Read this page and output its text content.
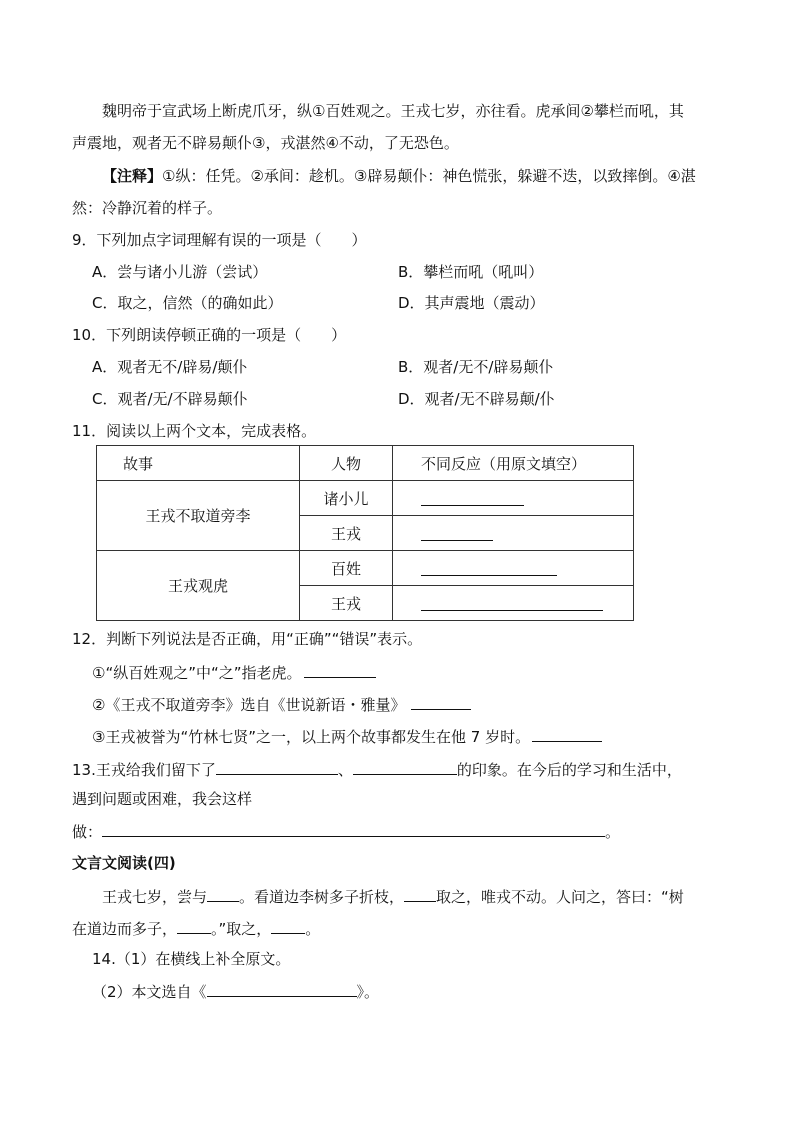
魏明帝于宣武场上断虎爪牙，纵①百姓观之。王戎七岁，亦往看。虎承间②攀栏而吼，其
声震地，观者无不辟易颠仆③，戎湛然④不动，了无恐色。
【注释】①纵：任凭。②承间：趁机。③辟易颠仆：神色慌张，躲避不迭，以致摔倒。④湛
然：冷静沉着的样子。
9．下列加点字词理解有误的一项是（　　）
A．尝与诸小儿游（尝试）	B．攀栏而吼（吼叫）
C．取之，信然（的确如此）	D．其声震地（震动）
10．下列朗读停顿正确的一项是（　　）
A．观者无不/辟易/颠仆	B．观者/无不/辟易颠仆
C．观者/无/不辟易颠仆	D．观者/无不辟易颠/仆
11．阅读以上两个文本，完成表格。
故事	人物	不同反应（用原文填空）
王戎不取道旁李	诸小儿	
	王戎	
王戎观虎	百姓	
	王戎	
12．判断下列说法是否正确，用“正确”“错误”表示。
①“纵百姓观之”中“之”指老虎。
②《王戎不取道旁李》选自《世说新语・雅量》
③王戎被誉为“竹林七贤”之一，以上两个故事都发生在他 7 岁时。
13.王戎给我们留下了	、	的印象。在今后的学习和生活中，
遇到问题或困难，我会这样
做：	。
文言文阅读(四)
王戎七岁，尝与 。看道边李树多子折枝， 取之，唯戎不动。人问之，答曰：“树
在道边而多子， 。”取之， 。
14.（1）在横线上补全原文。
（2）本文选自《	》。
